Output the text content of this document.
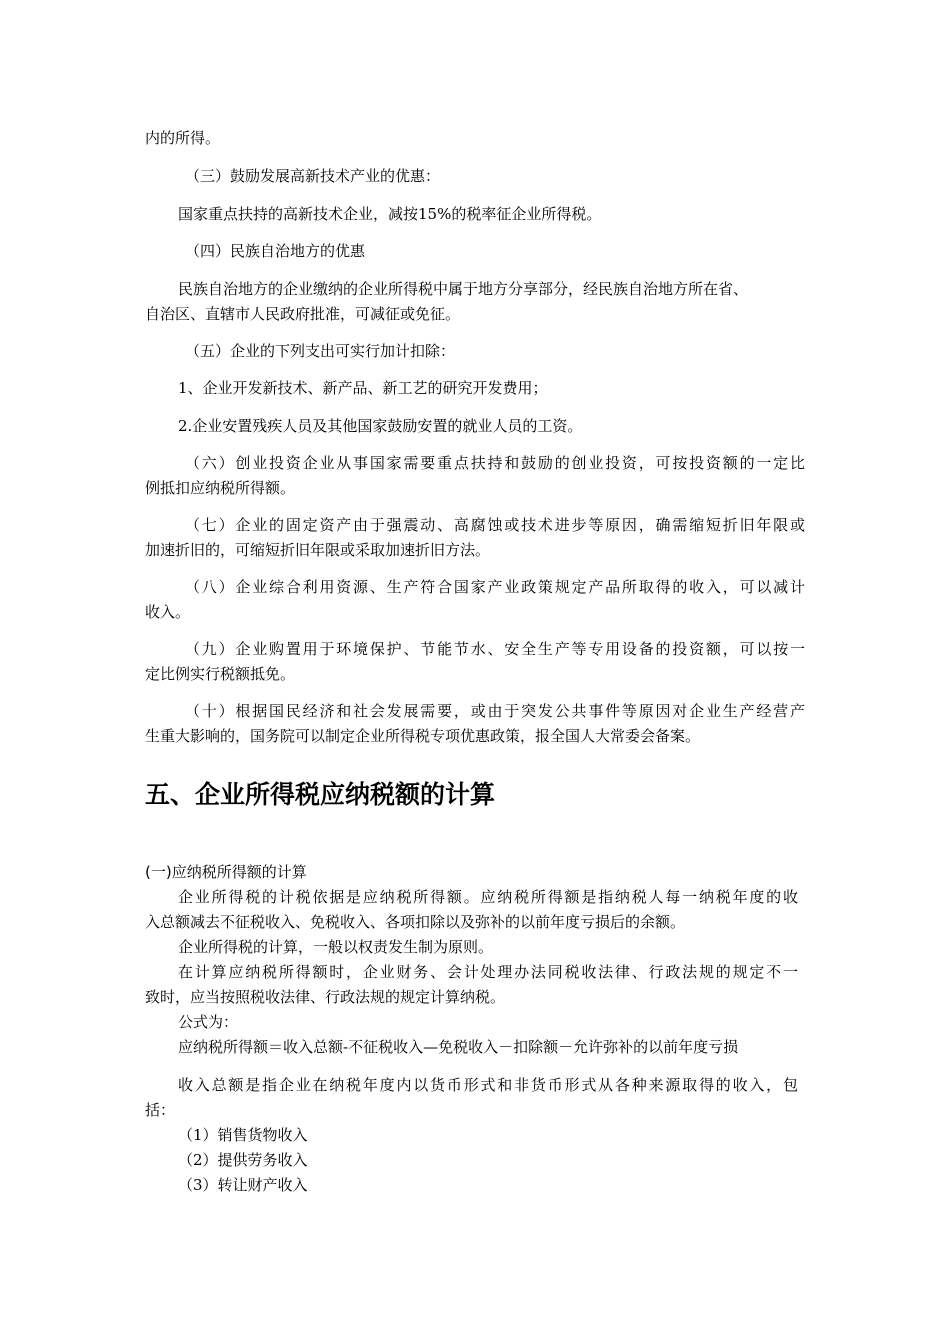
内的所得。

（三）鼓励发展高新技术产业的优惠：

国家重点扶持的高新技术企业，减按15%的税率征企业所得税。

（四）民族自治地方的优惠

民族自治地方的企业缴纳的企业所得税中属于地方分享部分，经民族自治地方所在省、

自治区、直辖市人民政府批准，可减征或免征。

（五）企业的下列支出可实行加计扣除：

1、企业开发新技术、新产品、新工艺的研究开发费用；

2.企业安置残疾人员及其他国家鼓励安置的就业人员的工资。

（六）创业投资企业从事国家需要重点扶持和鼓励的创业投资，可按投资额的一定比

例抵扣应纳税所得额。

（七）企业的固定资产由于强震动、高腐蚀或技术进步等原因，确需缩短折旧年限或

加速折旧的，可缩短折旧年限或采取加速折旧方法。

（八）企业综合利用资源、生产符合国家产业政策规定产品所取得的收入，可以减计

收入。

（九）企业购置用于环境保护、节能节水、安全生产等专用设备的投资额，可以按一

定比例实行税额抵免。

（十）根据国民经济和社会发展需要，或由于突发公共事件等原因对企业生产经营产

生重大影响的，国务院可以制定企业所得税专项优惠政策，报全国人大常委会备案。

五、企业所得税应纳税额的计算

(一)应纳税所得额的计算

企业所得税的计税依据是应纳税所得额。应纳税所得额是指纳税人每一纳税年度的收

入总额减去不征税收入、免税收入、各项扣除以及弥补的以前年度亏损后的余额。

企业所得税的计算，一般以权责发生制为原则。

在计算应纳税所得额时，企业财务、会计处理办法同税收法律、行政法规的规定不一

致时，应当按照税收法律、行政法规的规定计算纳税。

公式为：

应纳税所得额＝收入总额-不征税收入—免税收入－扣除额－允许弥补的以前年度亏损

收入总额是指企业在纳税年度内以货币形式和非货币形式从各种来源取得的收入，包

括：

（1）销售货物收入

（2）提供劳务收入

（3）转让财产收入
